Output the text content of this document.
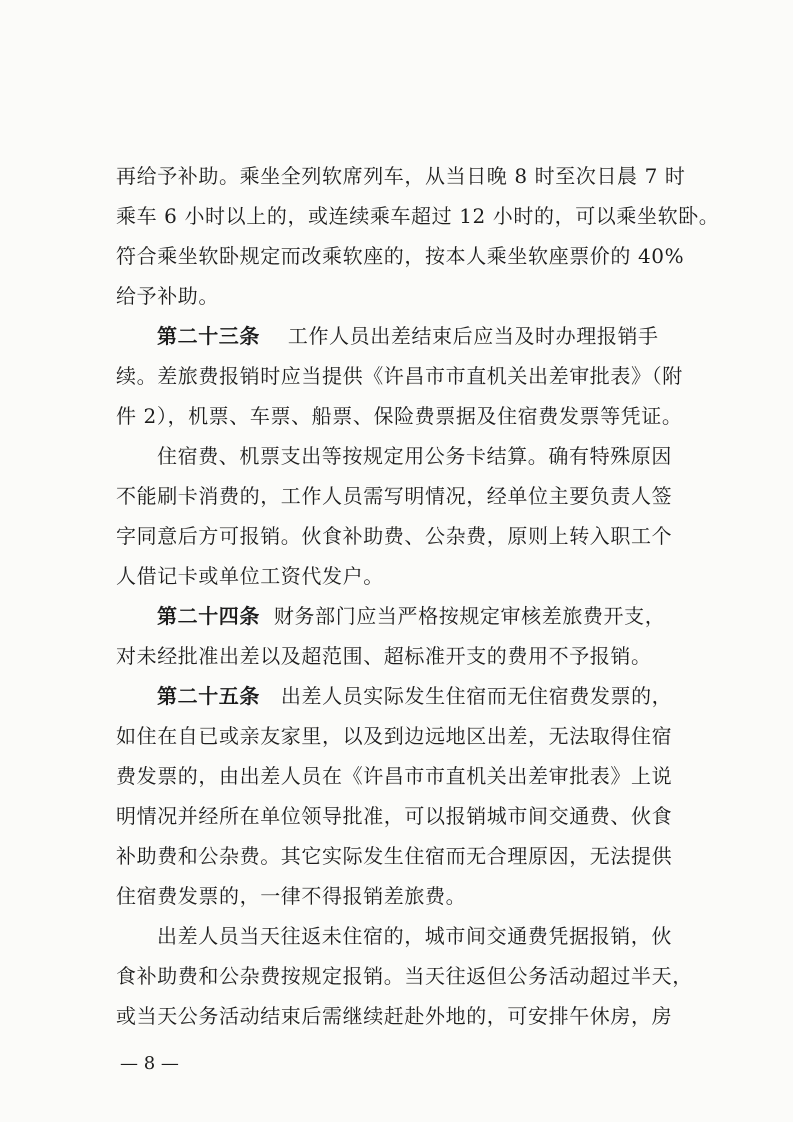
再给予补助。乘坐全列软席列车，从当日晚 8 时至次日晨 7 时
乘车 6 小时以上的，或连续乘车超过 12 小时的，可以乘坐软卧。
符合乘坐软卧规定而改乘软座的，按本人乘坐软座票价的 40%
给予补助。
第二十三条 工作人员出差结束后应当及时办理报销手
续。差旅费报销时应当提供《许昌市市直机关出差审批表》（附
件 2），机票、车票、船票、保险费票据及住宿费发票等凭证。
住宿费、机票支出等按规定用公务卡结算。确有特殊原因
不能刷卡消费的，工作人员需写明情况，经单位主要负责人签
字同意后方可报销。伙食补助费、公杂费，原则上转入职工个
人借记卡或单位工资代发户。
第二十四条 财务部门应当严格按规定审核差旅费开支，
对未经批准出差以及超范围、超标准开支的费用不予报销。
第二十五条 出差人员实际发生住宿而无住宿费发票的，
如住在自已或亲友家里，以及到边远地区出差，无法取得住宿
费发票的，由出差人员在《许昌市市直机关出差审批表》上说
明情况并经所在单位领导批准，可以报销城市间交通费、伙食
补助费和公杂费。其它实际发生住宿而无合理原因，无法提供
住宿费发票的，一律不得报销差旅费。
出差人员当天往返未住宿的，城市间交通费凭据报销，伙
食补助费和公杂费按规定报销。当天往返但公务活动超过半天，
或当天公务活动结束后需继续赶赴外地的，可安排午休房，房
— 8 —
